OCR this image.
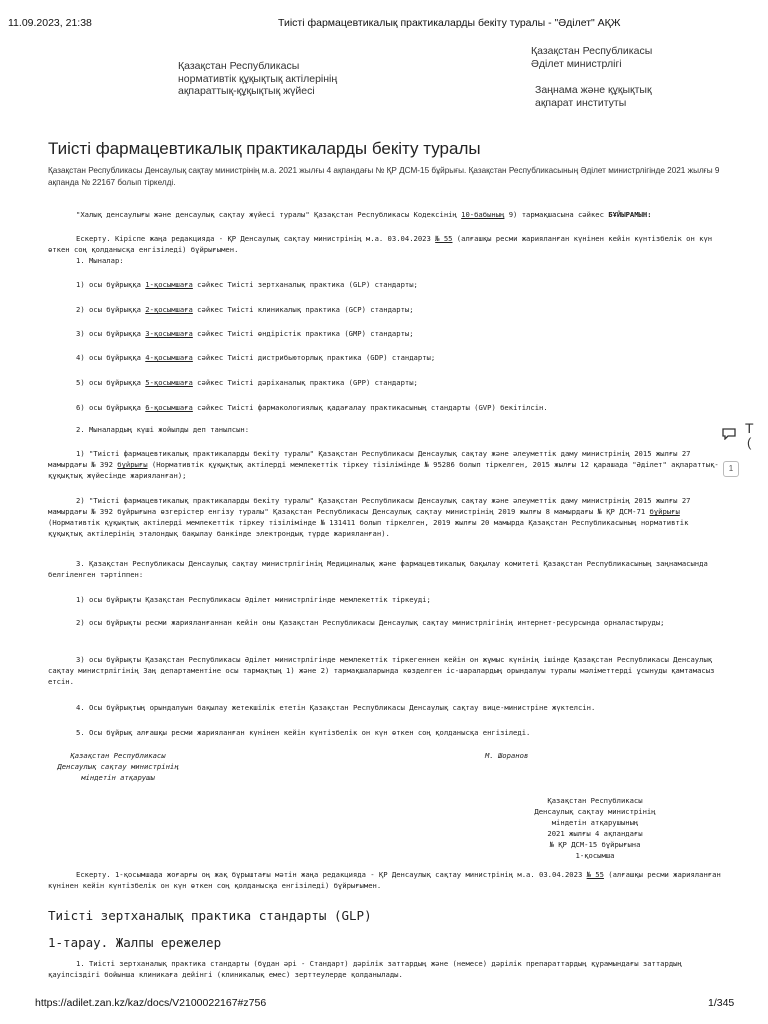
11.09.2023, 21:38	Тиісті фармацевтикалық практикаларды бекіту туралы - "Әділет" АҚЖ
Қазақстан Республикасы
нормативтік құқықтық актілерінің
ақпараттық-құқықтық жүйесі
Қазақстан Республикасы
Әділет министрлігі
Заңнама және құқықтық
ақпарат институты
Тиісті фармацевтикалық практикаларды бекіту туралы
Қазақстан Республикасы Денсаулық сақтау министрінің м.а. 2021 жылғы 4 ақпандағы № ҚР ДСМ-15 бұйрығы. Қазақстан Республикасының Әділет министрлігінде 2021 жылғы 9 ақпанда № 22167 болып тіркелді.
"Халық денсаулығы және денсаулық сақтау жүйесі туралы" Қазақстан Республикасы Кодексінің 10-бабының 9) тармақшасына сәйкес БҰЙЫРАМЫН:
Ескерту. Кіріспе жаңа редакцияда - ҚР Денсаулық сақтау министрінің м.а. 03.04.2023 № 55 (алғашқы ресми жарияланған күнінен кейін күнтізбелік он күн өткен соң қолданысқа енгізіледі) бұйрығымен.
1. Мыналар:
1) осы бұйрыққа 1-қосымшаға сәйкес Тиісті зертханалық практика (GLP) стандарты;
2) осы бұйрыққа 2-қосымшаға сәйкес Тиісті клиникалық практика (GCP) стандарты;
3) осы бұйрыққа 3-қосымшаға сәйкес Тиісті өндірістік практика (GMP) стандарты;
4) осы бұйрыққа 4-қосымшаға сәйкес Тиісті дистрибьюторлық практика (GDP) стандарты;
5) осы бұйрыққа 5-қосымшаға сәйкес Тиісті дәріханалық практика (GPP) стандарты;
6) осы бұйрыққа 6-қосымшаға сәйкес Тиісті фармакологиялық қадағалау практикасының стандарты (GVP) бекітілсін.
2. Мыналардың күші жойылды деп танылсын:
1) "Тиісті фармацевтикалық практикаларды бекіту туралы" Қазақстан Республикасы Денсаулық сақтау және әлеуметтік даму министрінің 2015 жылғы 27 мамырдағы № 392 бұйрығы (Нормативтік құқықтық актілерді мемлекеттік тіркеу тізілімінде № 95286 болып тіркелген, 2015 жылғы 12 қарашада "Әділет" ақпараттық-құқықтық жүйесінде жарияланған);
2) "Тиісті фармацевтикалық практикаларды бекіту туралы" Қазақстан Республикасы Денсаулық сақтау және әлеуметтік даму министрінің 2015 жылғы 27 мамырдағы № 392 бұйрығына өзгерістер енгізу туралы" Қазақстан Республикасы Денсаулық сақтау министрінің 2019 жылғы 8 мамырдағы № ҚР ДСМ-71 бұйрығы (Нормативтік құқықтық актілерді мемлекеттік тіркеу тізілімінде № 131411 болып тіркелген, 2019 жылғы 20 мамырда Қазақстан Республикасының нормативтік құқықтық актілерінің эталондық бақылау банкінде электрондық түрде жарияланған).
3. Қазақстан Республикасы Денсаулық сақтау министрлігінің Медициналық және фармацевтикалық бақылау комитеті Қазақстан Республикасының заңнамасында белгіленген тәртіппен:
1) осы бұйрықты Қазақстан Республикасы Әділет министрлігінде мемлекеттік тіркеуді;
2) осы бұйрықты ресми жарияланғаннан кейін оны Қазақстан Республикасы Денсаулық сақтау министрлігінің интернет-ресурсында орналастыруды;
3) осы бұйрықты Қазақстан Республикасы Әділет министрлігінде мемлекеттік тіркегеннен кейін он жұмыс күнінің ішінде Қазақстан Республикасы Денсаулық сақтау министрлігінің Заң департаментіне осы тармақтың 1) және 2) тармақшаларында көзделген іс-шаралардың орындалуы туралы мәліметтерді ұсынуды қамтамасыз етсін.
4. Осы бұйрықтың орындалуын бақылау жетекшілік ететін Қазақстан Республикасы Денсаулық сақтау вице-министріне жүктелсін.
5. Осы бұйрық алғашқы ресми жарияланған күнінен кейін күнтізбелік он күн өткен соң қолданысқа енгізіледі.
Қазақстан Республикасы
Денсаулық сақтау министрінің
міндетін атқарушы
М. Шоранов
Қазақстан Республикасы
Денсаулық сақтау министрінің
міндетін атқарушының
2021 жылғы 4 ақпандағы
№ ҚР ДСМ-15 бұйрығына
1-қосымша
Ескерту. 1-қосымшада жоғарғы оң жақ бұрыштағы мәтін жаңа редакцияда - ҚР Денсаулық сақтау министрінің м.а. 03.04.2023 № 55 (алғашқы ресми жарияланған күнінен кейін күнтізбелік он күн өткен соң қолданысқа енгізіледі) бұйрығымен.
Тиісті зертханалық практика стандарты (GLP)
1-тарау. Жалпы ережелер
1. Тиісті зертханалық практика стандарты (бұдан әрі - Стандарт) дәрілік заттардың және (немесе) дәрілік препараттардың құрамындағы заттардың қауіпсіздігі бойынша клиникаға дейінгі (клиникалық емес) зерттеулерде қолданылады.
Т
(
1
https://adilet.zan.kz/kaz/docs/V2100022167#z756	1/345
